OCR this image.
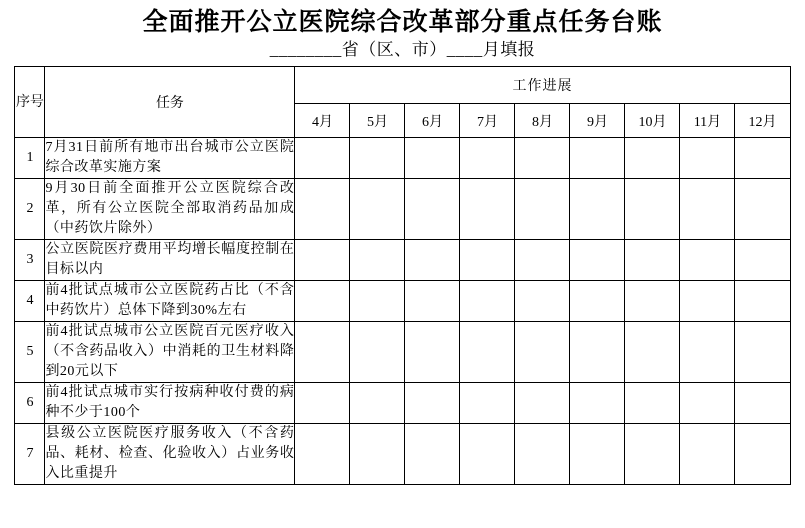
全面推开公立医院综合改革部分重点任务台账
________省（区、市）____月填报
序号	任务	工作进展								
		4月	5月	6月	7月	8月	9月	10月	11月	12月
1	7月31日前所有地市出台城市公立医院综合改革实施方案									
2	9月30日前全面推开公立医院综合改革，所有公立医院全部取消药品加成（中药饮片除外）									
3	公立医院医疗费用平均增长幅度控制在目标以内									
4	前4批试点城市公立医院药占比（不含中药饮片）总体下降到30%左右									
5	前4批试点城市公立医院百元医疗收入（不含药品收入）中消耗的卫生材料降到20元以下									
6	前4批试点城市实行按病种收付费的病种不少于100个									
7	县级公立医院医疗服务收入（不含药品、耗材、检查、化验收入）占业务收入比重提升									
